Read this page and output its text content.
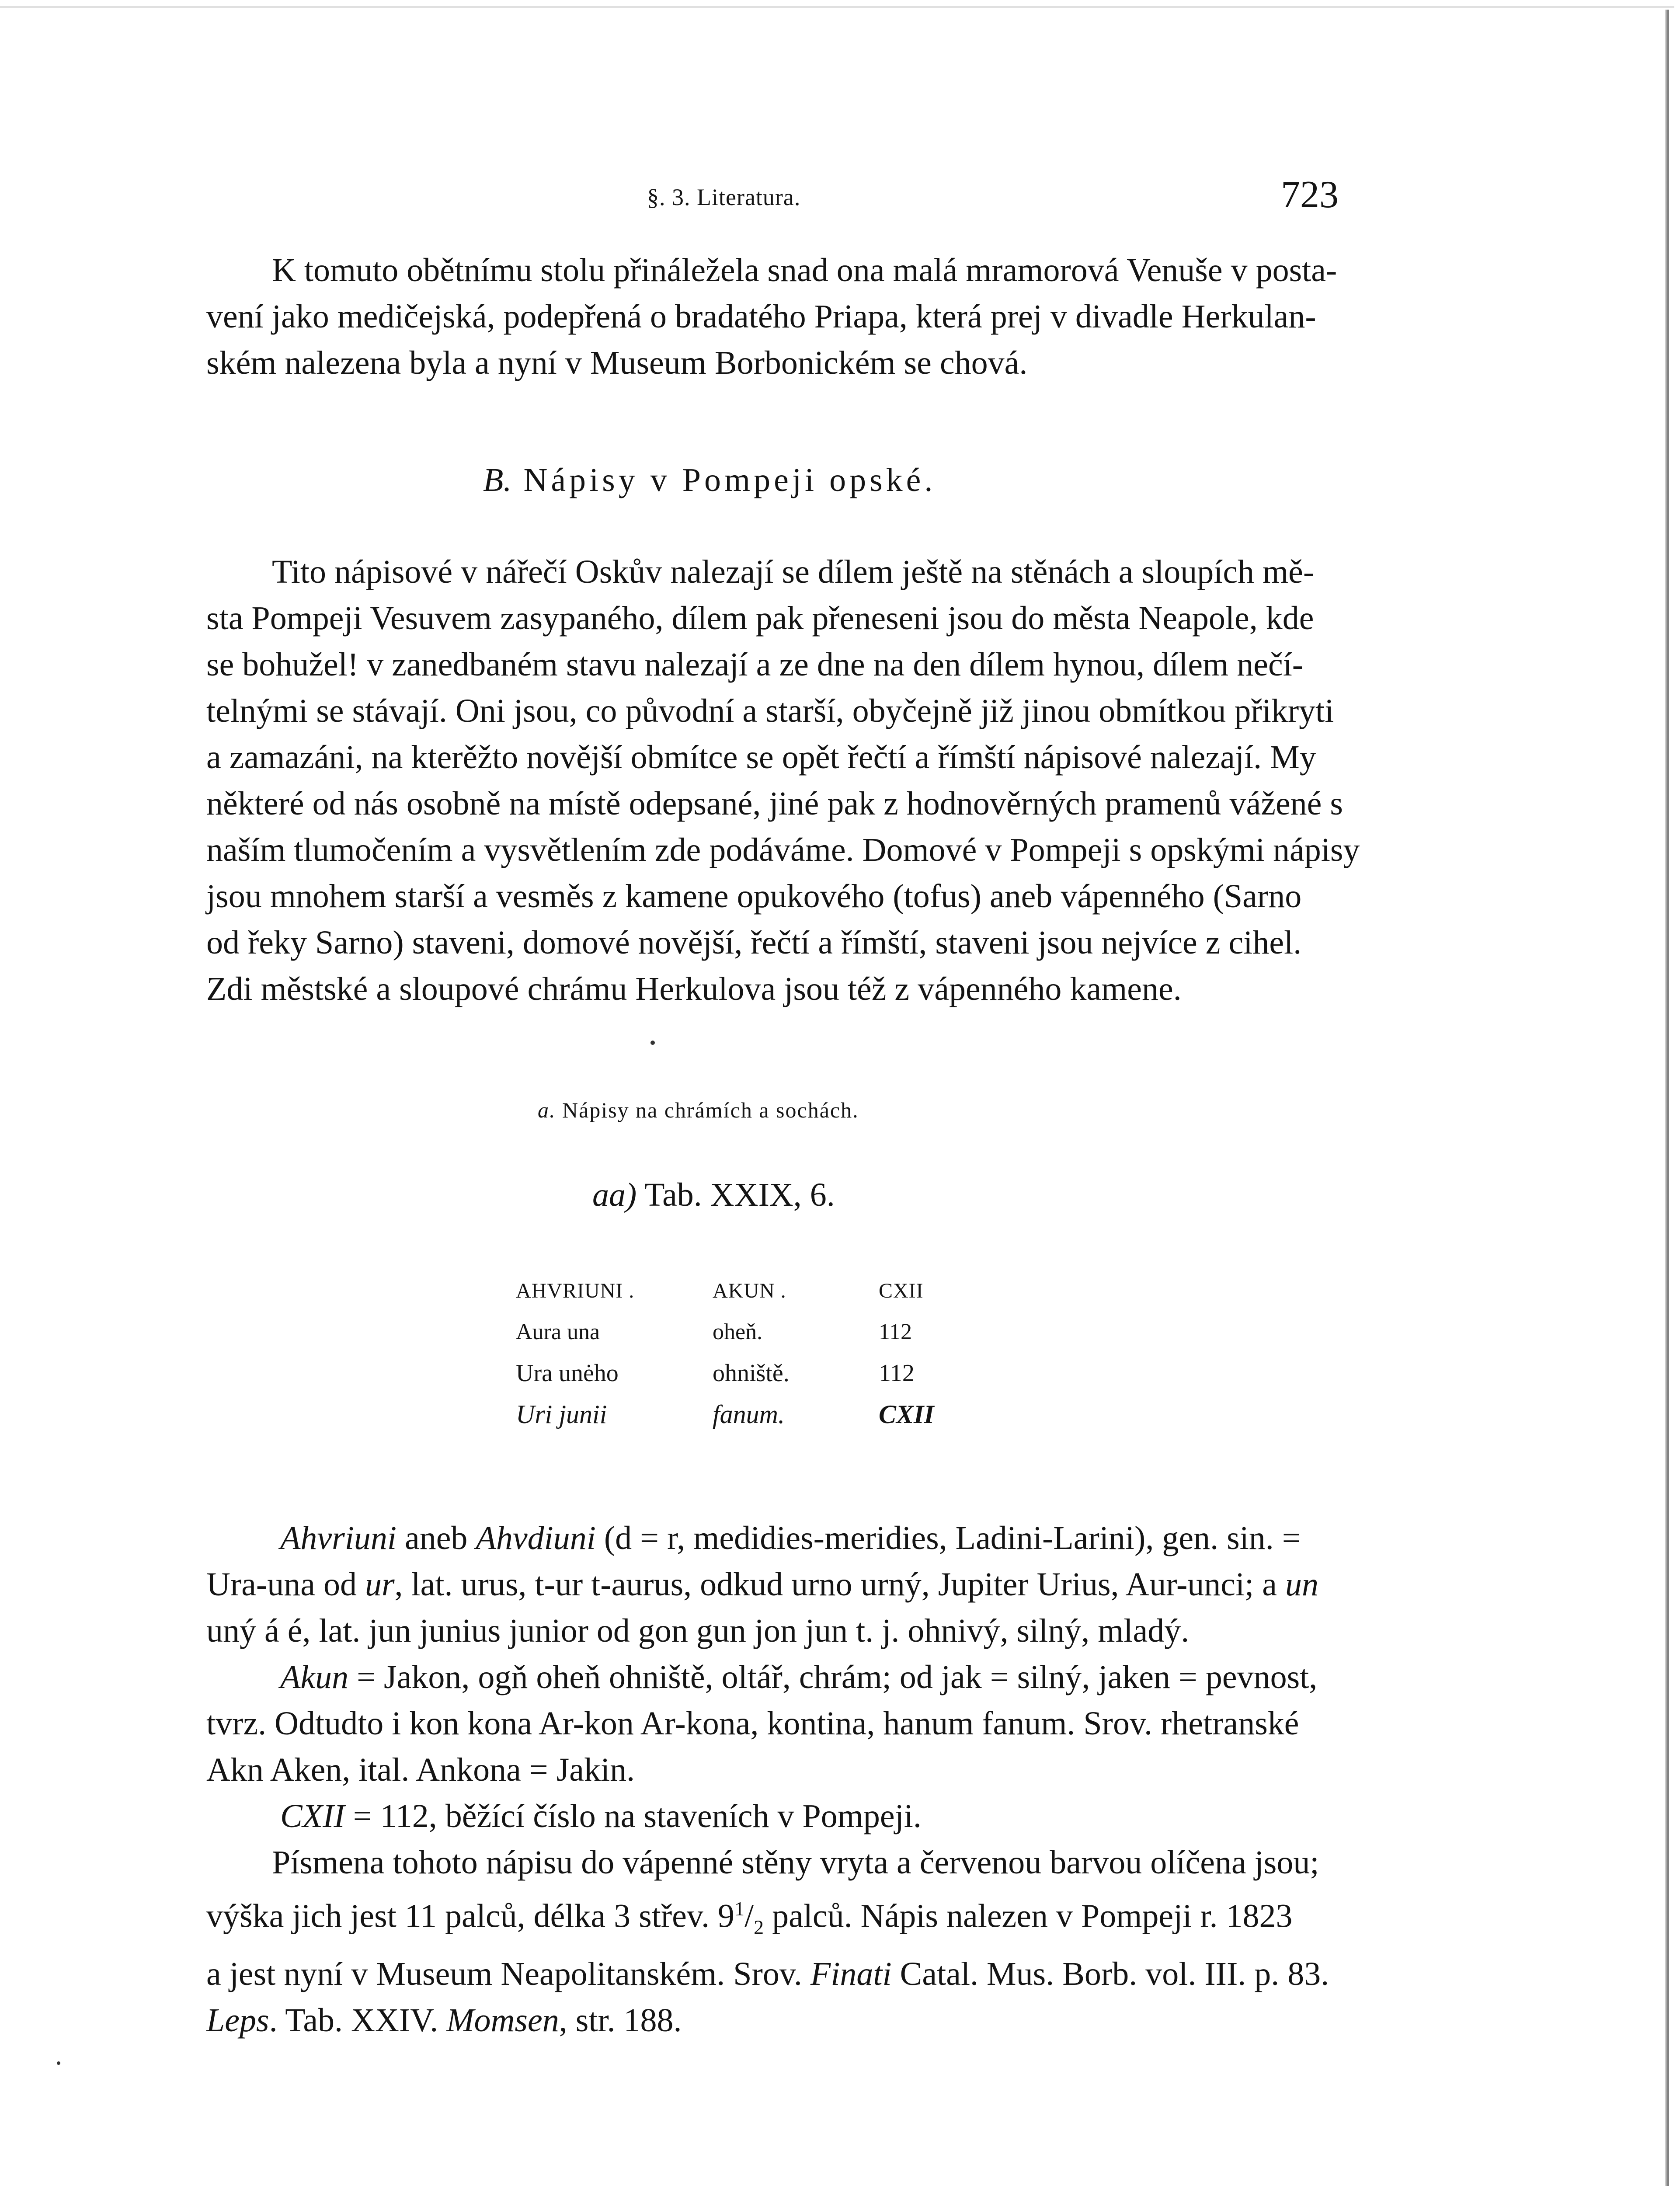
§. 3. Literatura.	723
K tomuto obětnímu stolu přináležela snad ona malá mramorová Venuše v posta-
vení jako medičejská, podepřená o bradatého Priapa, která prej v divadle Herkulan-
ském nalezena byla a nyní v Museum Borbonickém se chová.
B. Nápisy v Pompeji opské.
Tito nápisové v nářečí Oskův nalezají se dílem ještě na stěnách a sloupích mě-
sta Pompeji Vesuvem zasypaného, dílem pak přeneseni jsou do města Neapole, kde
se bohužel! v zanedbaném stavu nalezají a ze dne na den dílem hynou, dílem nečí-
telnými se stávají. Oni jsou, co původní a starší, obyčejně již jinou obmítkou přikryti
a zamazáni, na kterěžto novější obmítce se opět řečtí a římští nápisové nalezají. My
některé od nás osobně na místě odepsané, jiné pak z hodnověrných pramenů vážené s
naším tlumočením a vysvětlením zde podáváme. Domové v Pompeji s opskými nápisy
jsou mnohem starší a vesměs z kamene opukového (tofus) aneb vápenného (Sarno
od řeky Sarno) staveni, domové novější, řečtí a římští, staveni jsou nejvíce z cihel.
Zdi městské a sloupové chrámu Herkulova jsou též z vápenného kamene.
a. Nápisy na chrámích a sochách.
aa) Tab. XXIX, 6.
AHVRIUNI .	AKUN .	CXII
Aura una	oheň.	112
Ura unėho	ohniště.	112
Uri junii	fanum.	CXII
Ahvriuni aneb Ahvdiuni (d = r, medidies-meridies, Ladini-Larini), gen. sin. =
Ura-una od ur, lat. urus, t-ur t-aurus, odkud urno urný, Jupiter Urius, Aur-unci; a un
uný á é, lat. jun junius junior od gon gun jon jun t. j. ohnivý, silný, mladý.
Akun = Jakon, ogň oheň ohniště, oltář, chrám; od jak = silný, jaken = pevnost,
tvrz. Odtudto i kon kona Ar-kon Ar-kona, kontina, hanum fanum. Srov. rhetranské
Akn Aken, ital. Ankona = Jakin.
CXII = 112, běžící číslo na staveních v Pompeji.
Písmena tohoto nápisu do vápenné stěny vryta a červenou barvou olíčena jsou;
výška jich jest 11 palců, délka 3 střev. $9^1/_2$ palců. Nápis nalezen v Pompeji r. 1823
a jest nyní v Museum Neapolitanském. Srov. Finati Catal. Mus. Borb. vol. III. p. 83.
Leps. Tab. XXIV. Momsen, str. 188.
